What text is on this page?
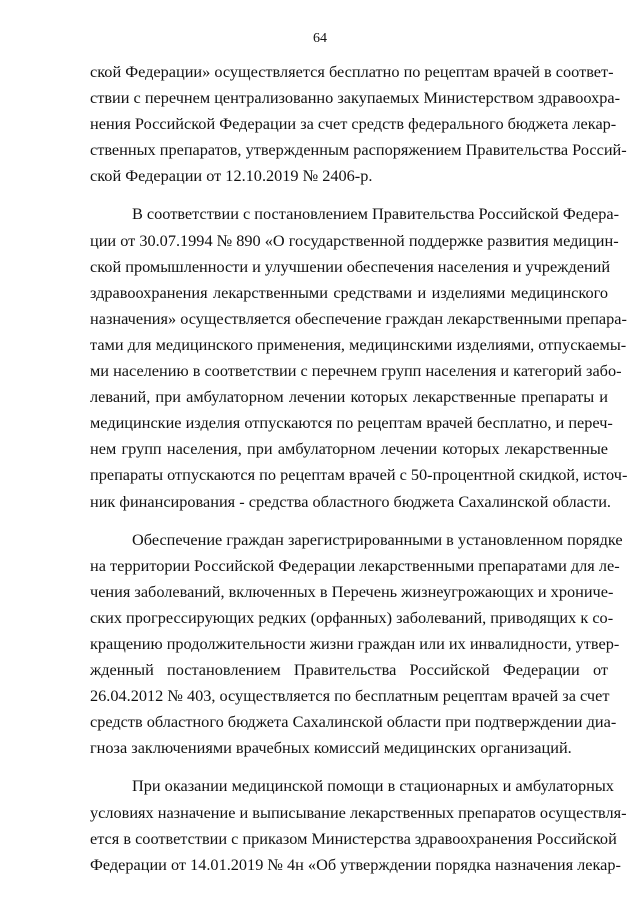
64
ской Федерации» осуществляется бесплатно по рецептам врачей в соответ-
ствии с перечнем централизованно закупаемых Министерством здравоохра-
нения Российской Федерации за счет средств федерального бюджета лекар-
ственных препаратов, утвержденным распоряжением Правительства Россий-
ской Федерации от 12.10.2019 № 2406-р.
В соответствии с постановлением Правительства Российской Федера-
ции от 30.07.1994 № 890 «О государственной поддержке развития медицин-
ской промышленности и улучшении обеспечения населения и учреждений
здравоохранения лекарственными средствами и изделиями медицинского
назначения» осуществляется обеспечение граждан лекарственными препара-
тами для медицинского применения, медицинскими изделиями, отпускаемы-
ми населению в соответствии с перечнем групп населения и категорий забо-
леваний, при амбулаторном лечении которых лекарственные препараты и
медицинские изделия отпускаются по рецептам врачей бесплатно, и переч-
нем групп населения, при амбулаторном лечении которых лекарственные
препараты отпускаются по рецептам врачей с 50-процентной скидкой, источ-
ник финансирования - средства областного бюджета Сахалинской области.
Обеспечение граждан зарегистрированными в установленном порядке
на территории Российской Федерации лекарственными препаратами для ле-
чения заболеваний, включенных в Перечень жизнеугрожающих и хрониче-
ских прогрессирующих редких (орфанных) заболеваний, приводящих к со-
кращению продолжительности жизни граждан или их инвалидности, утвер-
жденный постановлением Правительства Российской Федерации от
26.04.2012 № 403, осуществляется по бесплатным рецептам врачей за счет
средств областного бюджета Сахалинской области при подтверждении диа-
гноза заключениями врачебных комиссий медицинских организаций.
При оказании медицинской помощи в стационарных и амбулаторных
условиях назначение и выписывание лекарственных препаратов осуществля-
ется в соответствии с приказом Министерства здравоохранения Российской
Федерации от 14.01.2019 № 4н «Об утверждении порядка назначения лекар-
